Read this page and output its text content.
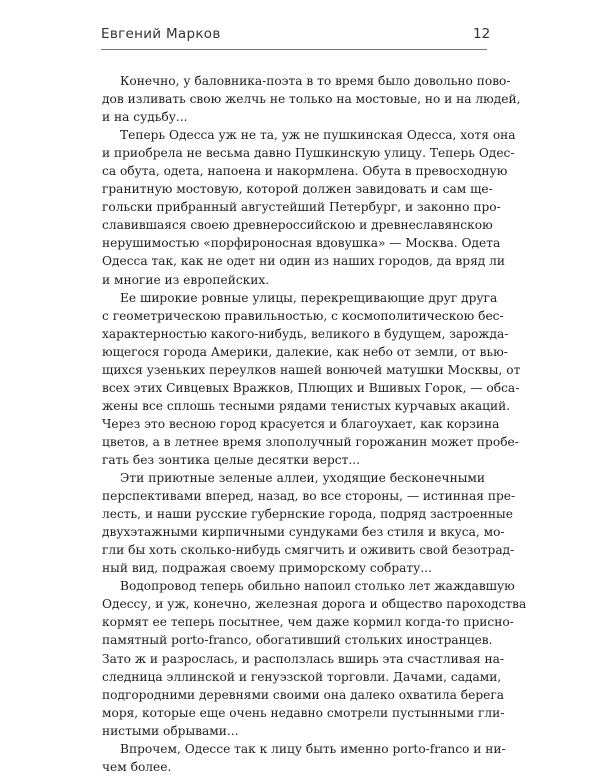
Евгений Марков	12

Конечно, у баловника-поэта в то время было довольно пово-
дов изливать свою желчь не только на мостовые, но и на людей,
и на судьбу...

Теперь Одесса уж не та, уж не пушкинская Одесса, хотя она
и приобрела не весьма давно Пушкинскую улицу. Теперь Одес-
са обута, одета, напоена и накормлена. Обута в превосходную
гранитную мостовую, которой должен завидовать и сам ще-
гольски прибранный августейший Петербург, и законно про-
славившаяся своею древнероссийскою и древнеславянскою
нерушимостью «порфироносная вдовушка» — Москва. Одета
Одесса так, как не одет ни один из наших городов, да вряд ли
и многие из европейских.

Ее широкие ровные улицы, перекрещивающие друг друга
с геометрическою правильностью, с космополитическою бес-
характерностью какого-нибудь, великого в будущем, зарожда-
ющегося города Америки, далекие, как небо от земли, от вью-
щихся узеньких переулков нашей вонючей матушки Москвы, от
всех этих Сивцевых Вражков, Плющих и Вшивых Горок, — обса-
жены все сплошь тесными рядами тенистых курчавых акаций.
Через это весною город красуется и благоухает, как корзина
цветов, а в летнее время злополучный горожанин может пробе-
гать без зонтика целые десятки верст...

Эти приютные зеленые аллеи, уходящие бесконечными
перспективами вперед, назад, во все стороны, — истинная пре-
лесть, и наши русские губернские города, подряд застроенные
двухэтажными кирпичными сундуками без стиля и вкуса, мо-
гли бы хоть сколько-нибудь смягчить и оживить свой безотрад-
ный вид, подражая своему приморскому собрату...

Водопровод теперь обильно напоил столько лет жаждавшую
Одессу, и уж, конечно, железная дорога и общество пароходства
кормят ее теперь посытнее, чем даже кормил когда-то присно-
памятный porto-franco, обогативший стольких иностранцев.
Зато ж и разрослась, и расползлась вширь эта счастливая на-
следница эллинской и генуэзской торговли. Дачами, садами,
подгородними деревнями своими она далеко охватила берега
моря, которые еще очень недавно смотрели пустынными гли-
нистыми обрывами...

Впрочем, Одессе так к лицу быть именно porto-franco и ни-
чем более.
